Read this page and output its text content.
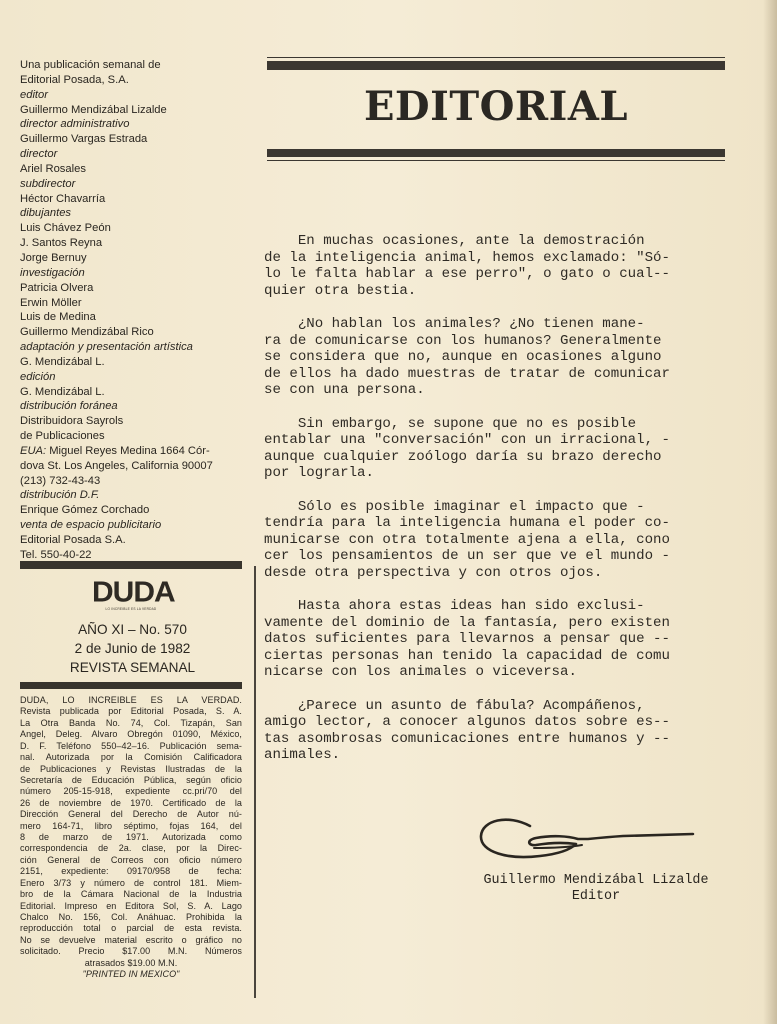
Una publicación semanal de
Editorial Posada, S.A.
editor
Guillermo Mendizábal Lizalde
director administrativo
Guillermo Vargas Estrada
director
Ariel Rosales
subdirector
Héctor Chavarría
dibujantes
Luis Chávez Peón
J. Santos Reyna
Jorge Bernuy
investigación
Patricia Olvera
Erwin Möller
Luis de Medina
Guillermo Mendizábal Rico
adaptación y presentación artística
G. Mendizábal L.
edición
G. Mendizábal L.
distribución foránea
Distribuidora Sayrols
de Publicaciones
EUA: Miguel Reyes Medina 1664 Cór-
dova St. Los Angeles, California 90007
(213) 732-43-43
distribución D.F.
Enrique Gómez Corchado
venta de espacio publicitario
Editorial Posada S.A.
Tel. 550-40-22
DUDA
LO INCREIBLE ES LA VERDAD
AÑO XI – No. 570
2 de Junio de 1982
REVISTA SEMANAL
DUDA, LO INCREIBLE ES LA VERDAD.
Revista publicada por Editorial Posada, S. A.
La Otra Banda No. 74, Col. Tizapán, San
Angel, Deleg. Alvaro Obregón 01090, México,
D. F. Teléfono 550–42–16. Publicación sema-
nal. Autorizada por la Comisión Calificadora
de Publicaciones y Revistas Ilustradas de la
Secretaría de Educación Pública, según oficio
número 205-15-918, expediente cc.pri/70 del
26 de noviembre de 1970. Certificado de la
Dirección General del Derecho de Autor nú-
mero 164-71, libro séptimo, fojas 164, del
8 de marzo de 1971. Autorizada como
correspondencia de 2a. clase, por la Direc-
ción General de Correos con oficio número
2151, expediente: 09170/958 de fecha:
Enero 3/73 y número de control 181. Miem-
bro de la Cámara Nacional de la Industria
Editorial. Impreso en Editora Sol, S. A. Lago
Chalco No. 156, Col. Anáhuac. Prohibida la
reproducción total o parcial de esta revista.
No se devuelve material escrito o gráfico no
solicitado. Precio $17.00 M.N. Números
atrasados $19.00 M.N.
"PRINTED IN MEXICO"
EDITORIAL

En muchas ocasiones, ante la demostración
de la inteligencia animal, hemos exclamado: "Só-
lo le falta hablar a ese perro", o gato o cual--
quier otra bestia.

¿No hablan los animales? ¿No tienen mane-
ra de comunicarse con los humanos? Generalmente
se considera que no, aunque en ocasiones alguno
de ellos ha dado muestras de tratar de comunicar
se con una persona.

Sin embargo, se supone que no es posible
entablar una "conversación" con un irracional, -
aunque cualquier zoólogo daría su brazo derecho
por lograrla.

Sólo es posible imaginar el impacto que -
tendría para la inteligencia humana el poder co-
municarse con otra totalmente ajena a ella, cono
cer los pensamientos de un ser que ve el mundo -
desde otra perspectiva y con otros ojos.

Hasta ahora estas ideas han sido exclusi-
vamente del dominio de la fantasía, pero existen
datos suficientes para llevarnos a pensar que --
ciertas personas han tenido la capacidad de comu
nicarse con los animales o viceversa.

¿Parece un asunto de fábula? Acompáñenos,
amigo lector, a conocer algunos datos sobre es--
tas asombrosas comunicaciones entre humanos y --
animales.

Guillermo Mendizábal Lizalde
Editor
